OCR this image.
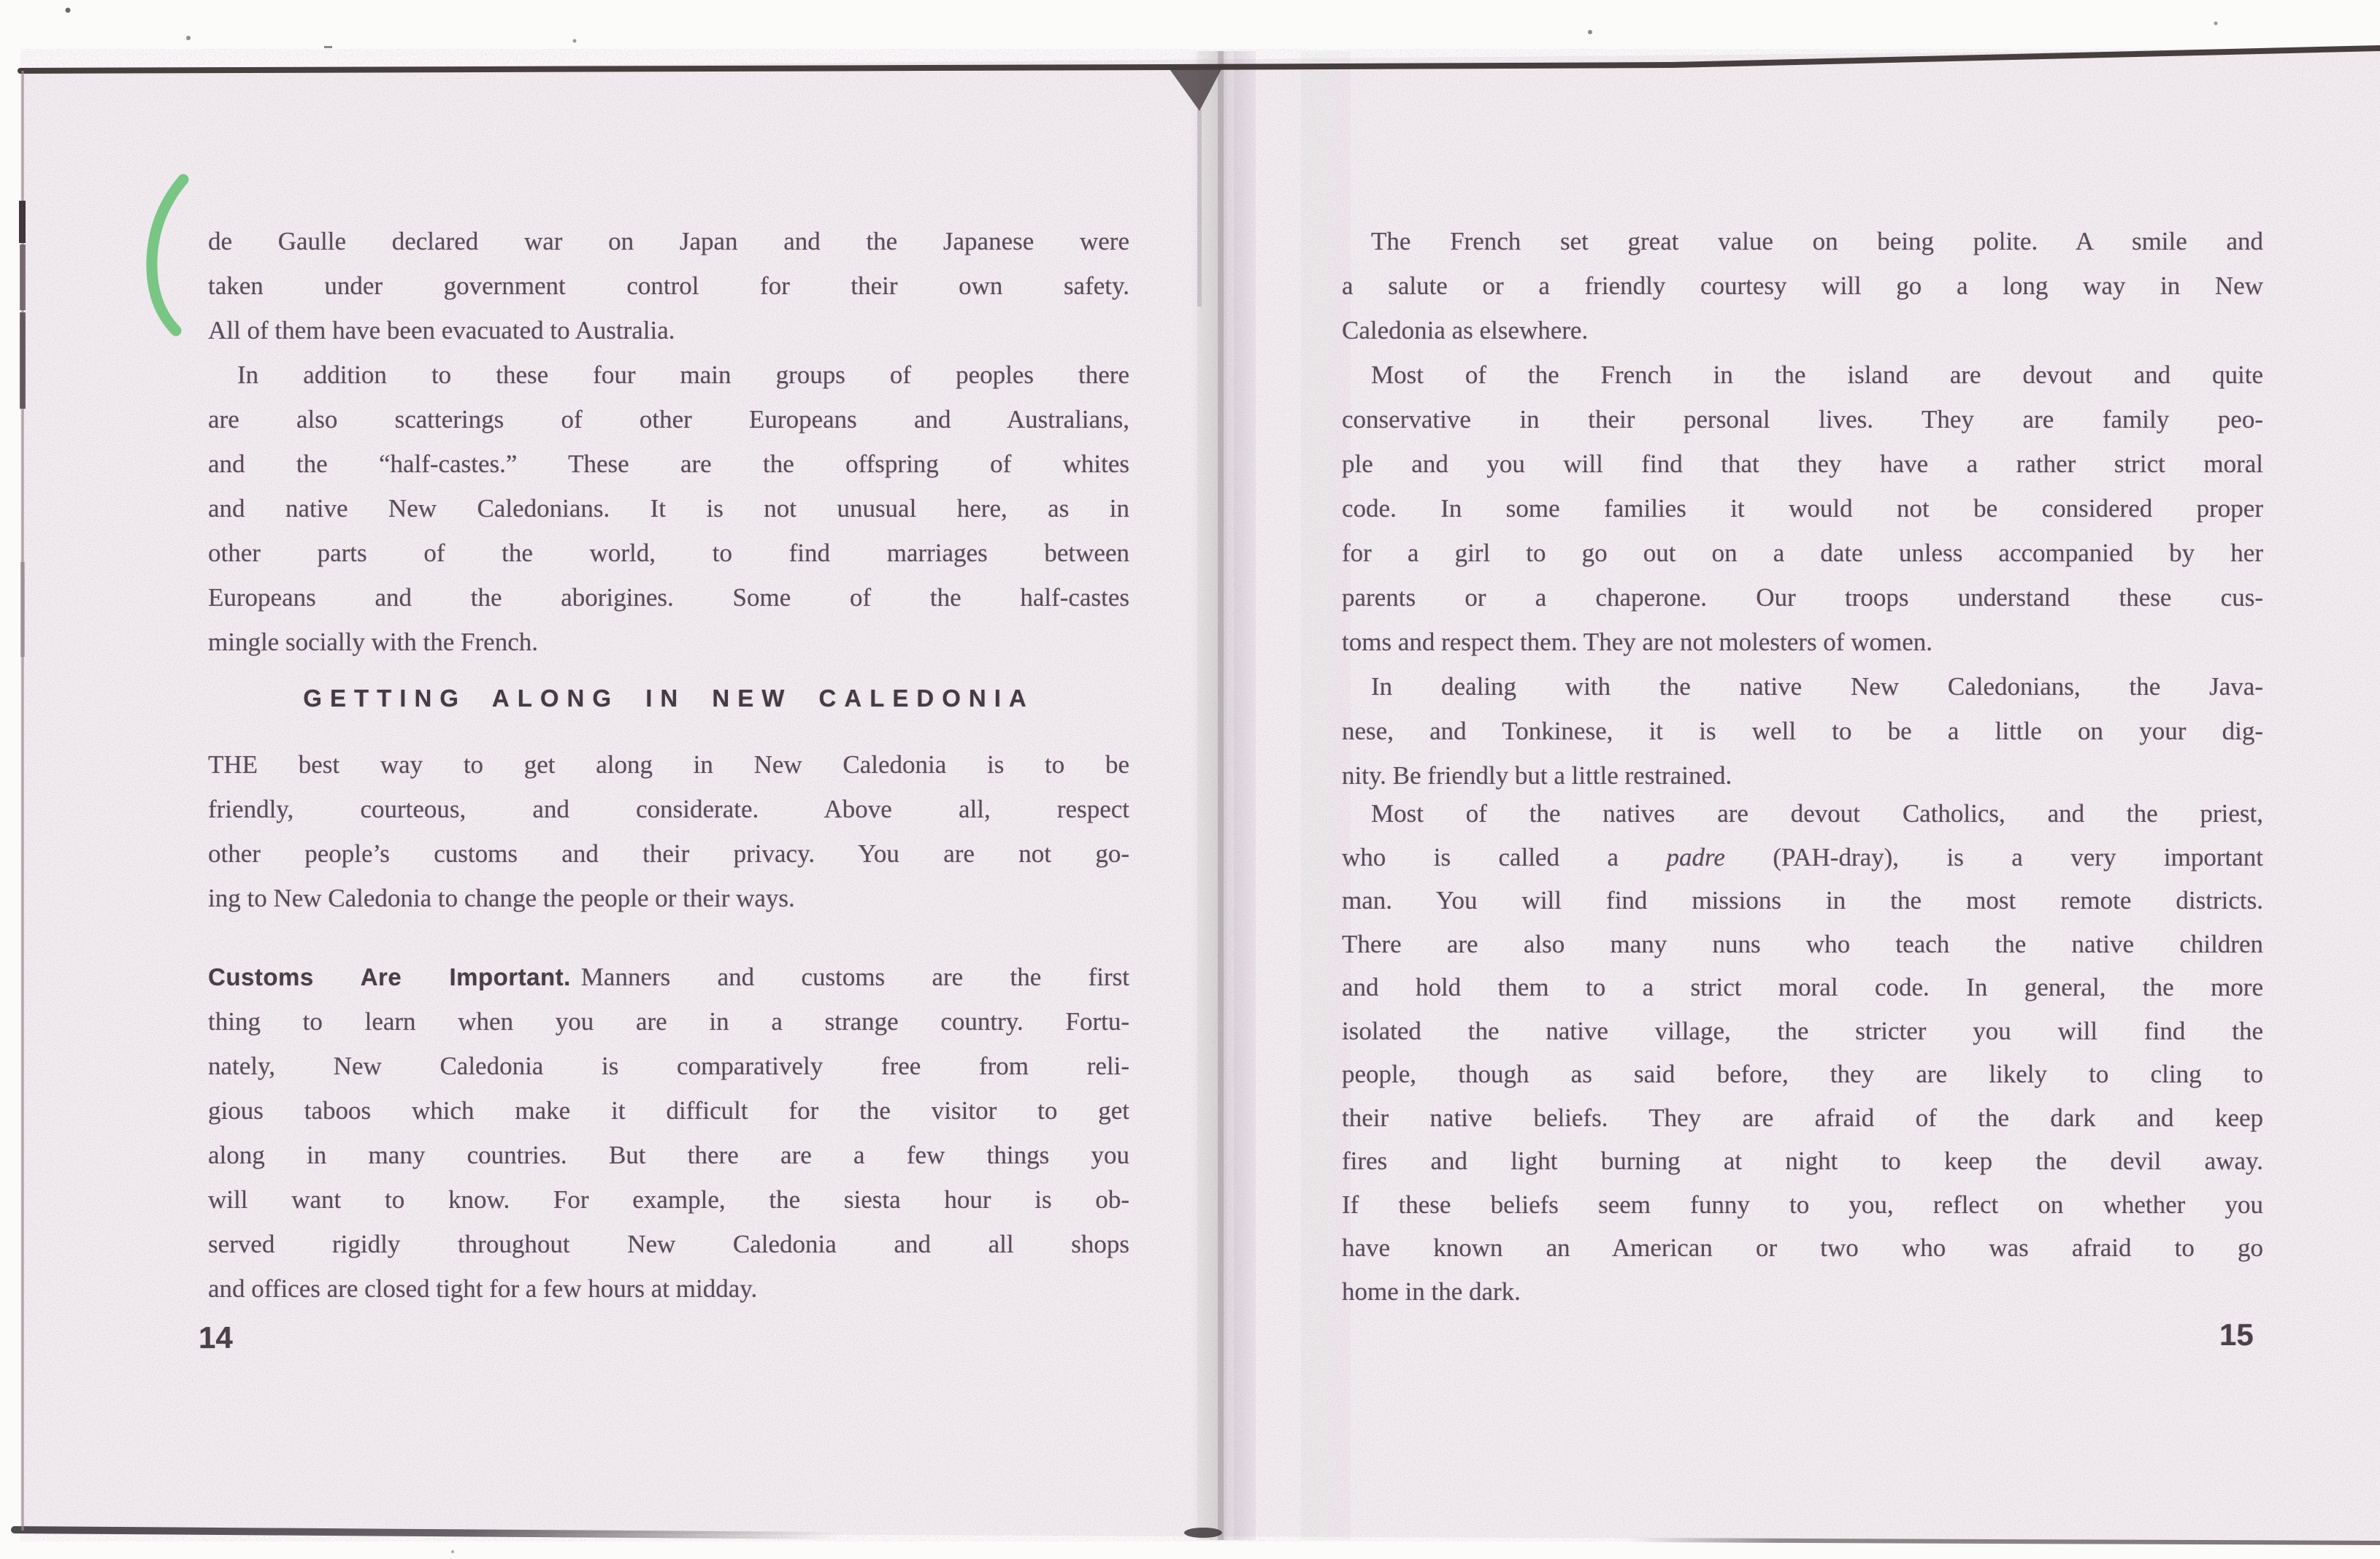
de Gaulle declared war on Japan and the Japanese were
taken under government control for their own safety.
All of them have been evacuated to Australia.
In addition to these four main groups of peoples there
are also scatterings of other Europeans and Australians,
and the “half-castes.” These are the offspring of whites
and native New Caledonians. It is not unusual here, as in
other parts of the world, to find marriages between
Europeans and the aborigines. Some of the half-castes
mingle socially with the French.
GETTING ALONG IN NEW CALEDONIA
THE best way to get along in New Caledonia is to be
friendly, courteous, and considerate. Above all, respect
other people’s customs and their privacy. You are not go-
ing to New Caledonia to change the people or their ways.
Customs Are Important. Manners and customs are the first
thing to learn when you are in a strange country. Fortu-
nately, New Caledonia is comparatively free from reli-
gious taboos which make it difficult for the visitor to get
along in many countries. But there are a few things you
will want to know. For example, the siesta hour is ob-
served rigidly throughout New Caledonia and all shops
and offices are closed tight for a few hours at midday.
14
The French set great value on being polite. A smile and
a salute or a friendly courtesy will go a long way in New
Caledonia as elsewhere.
Most of the French in the island are devout and quite
conservative in their personal lives. They are family peo-
ple and you will find that they have a rather strict moral
code. In some families it would not be considered proper
for a girl to go out on a date unless accompanied by her
parents or a chaperone. Our troops understand these cus-
toms and respect them. They are not molesters of women.
In dealing with the native New Caledonians, the Java-
nese, and Tonkinese, it is well to be a little on your dig-
nity. Be friendly but a little restrained.
Most of the natives are devout Catholics, and the priest,
who is called a padre (PAH-dray), is a very important
man. You will find missions in the most remote districts.
There are also many nuns who teach the native children
and hold them to a strict moral code. In general, the more
isolated the native village, the stricter you will find the
people, though as said before, they are likely to cling to
their native beliefs. They are afraid of the dark and keep
fires and light burning at night to keep the devil away.
If these beliefs seem funny to you, reflect on whether you
have known an American or two who was afraid to go
home in the dark.
15
